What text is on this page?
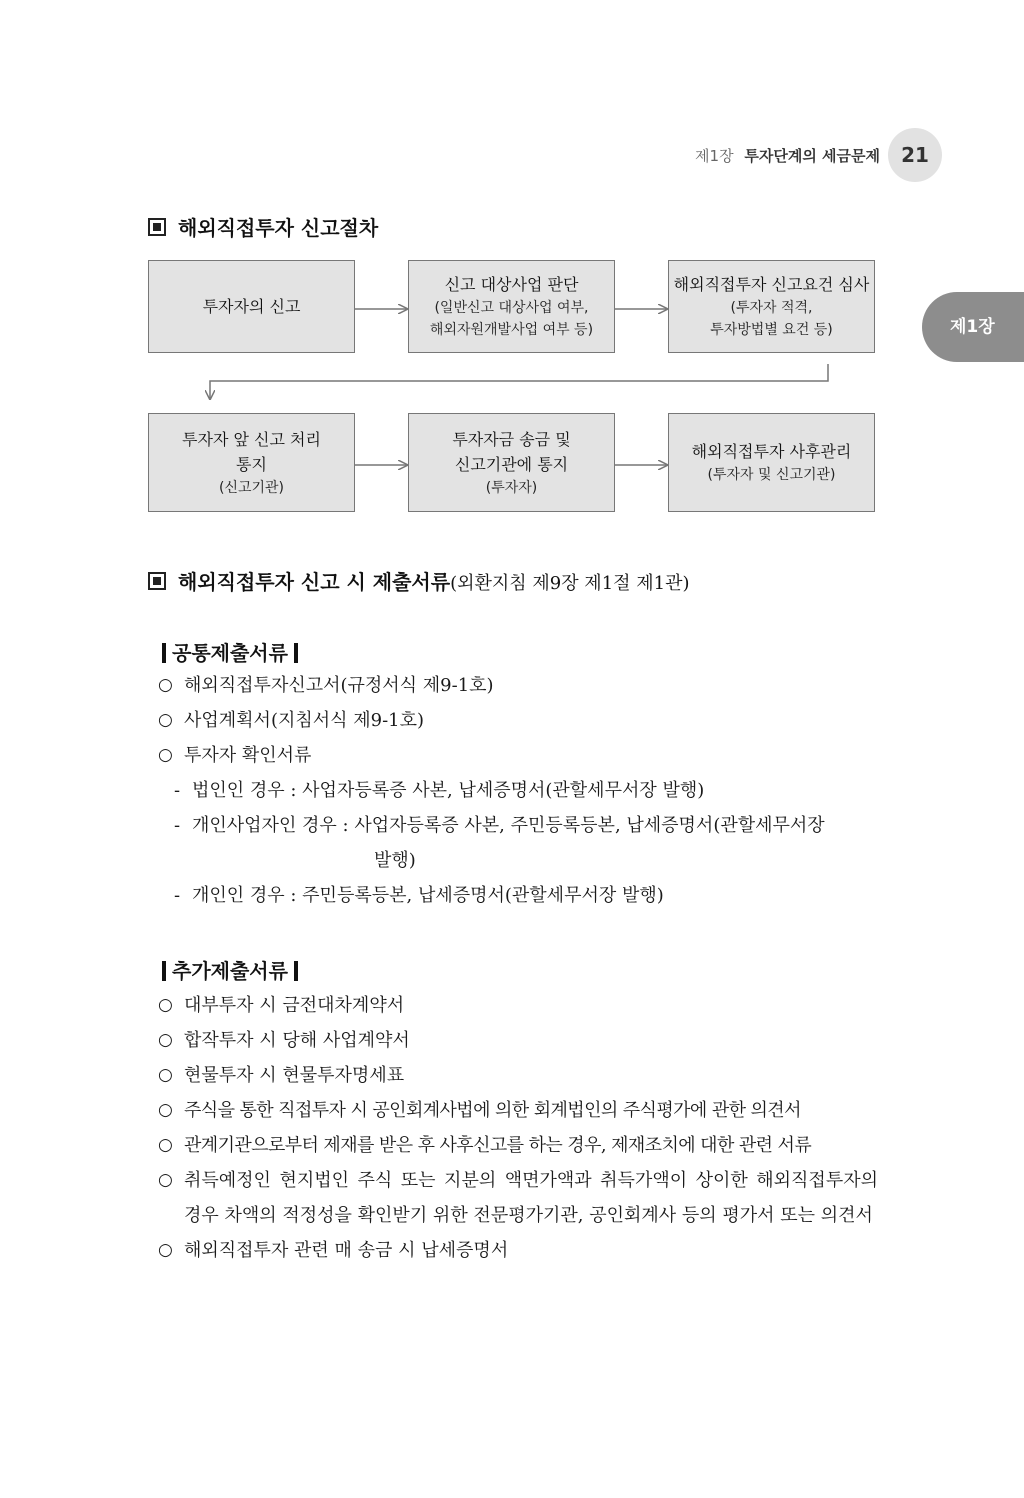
제1장 투자단계의 세금문제	21
제1장
해외직접투자 신고절차
투자자의 신고
신고 대상사업 판단
(일반신고 대상사업 여부,
해외자원개발사업 여부 등)
해외직접투자 신고요건 심사
(투자자 적격,
투자방법별 요건 등)
투자자 앞 신고 처리
통지
(신고기관)
투자자금 송금 및
신고기관에 통지
(투자자)
해외직접투자 사후관리
(투자자 및 신고기관)
해외직접투자 신고 시 제출서류(외환지침 제9장 제1절 제1관)
공통제출서류
○ 해외직접투자신고서(규정서식 제9-1호)
○ 사업계획서(지침서식 제9-1호)
○ 투자자 확인서류
- 법인인 경우 : 사업자등록증 사본, 납세증명서(관할세무서장 발행)
- 개인사업자인 경우 : 사업자등록증 사본, 주민등록등본, 납세증명서(관할세무서장
발행)
- 개인인 경우 : 주민등록등본, 납세증명서(관할세무서장 발행)
추가제출서류
○ 대부투자 시 금전대차계약서
○ 합작투자 시 당해 사업계약서
○ 현물투자 시 현물투자명세표
○ 주식을 통한 직접투자 시 공인회계사법에 의한 회계법인의 주식평가에 관한 의견서
○ 관계기관으로부터 제재를 받은 후 사후신고를 하는 경우, 제재조치에 대한 관련 서류
○ 취득예정인 현지법인 주식 또는 지분의 액면가액과 취득가액이 상이한 해외직접투자의 경우 차액의 적정성을 확인받기 위한 전문평가기관, 공인회계사 등의 평가서 또는 의견서
○ 해외직접투자 관련 매 송금 시 납세증명서
